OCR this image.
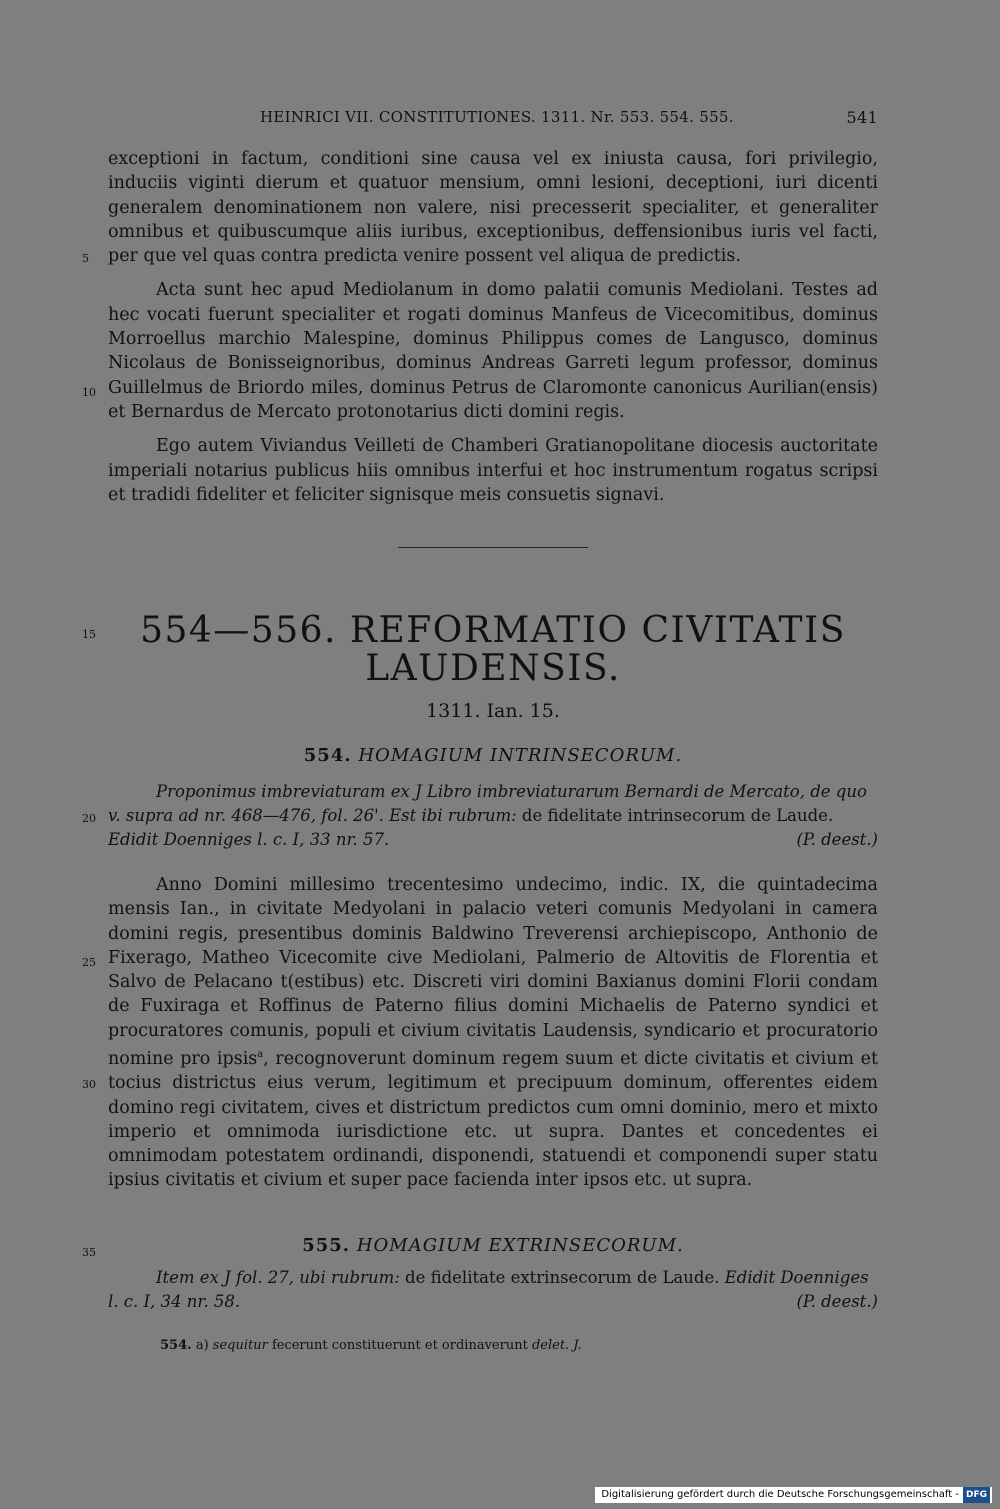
HEINRICI VII. CONSTITUTIONES. 1311. Nr. 553. 554. 555.	541

exceptioni in factum, conditioni sine causa vel ex iniusta causa, fori privilegio, induciis viginti dierum et quatuor mensium, omni lesioni, deceptioni, iuri dicenti generalem denominationem non valere, nisi precesserit specialiter, et generaliter omnibus et quibuscumque aliis iuribus, exceptionibus, deffensionibus iuris vel facti, per que vel quas contra predicta venire possent vel aliqua de predictis.

Acta sunt hec apud Mediolanum in domo palatii comunis Mediolani. Testes ad hec vocati fuerunt specialiter et rogati dominus Manfeus de Vicecomitibus, dominus Morroellus marchio Malespine, dominus Philippus comes de Langusco, dominus Nicolaus de Bonisseignoribus, dominus Andreas Garreti legum professor, dominus Guillelmus de Briordo miles, dominus Petrus de Claromonte canonicus Aurilian(ensis) et Bernardus de Mercato protonotarius dicti domini regis.

Ego autem Viviandus Veilleti de Chamberi Gratianopolitane diocesis auctoritate imperiali notarius publicus hiis omnibus interfui et hoc instrumentum rogatus scripsi et tradidi fideliter et feliciter signisque meis consuetis signavi.

5
10
15
20
25
30
35
554—556. REFORMATIO CIVITATIS
LAUDENSIS.
1311. Ian. 15.
554. HOMAGIUM INTRINSECORUM.
Proponimus imbreviaturam ex J Libro imbreviaturarum Bernardi de Mercato, de quo v. supra ad nr. 468—476, fol. 26'. Est ibi rubrum: de fidelitate intrinsecorum de Laude. Edidit Doenniges l. c. I, 33 nr. 57.	(P. deest.)

Anno Domini millesimo trecentesimo undecimo, indic. IX, die quintadecima mensis Ian., in civitate Medyolani in palacio veteri comunis Medyolani in camera domini regis, presentibus dominis Baldwino Treverensi archiepiscopo, Anthonio de Fixerago, Matheo Vicecomite cive Mediolani, Palmerio de Altovitis de Florentia et Salvo de Pelacano t(estibus) etc. Discreti viri domini Baxianus domini Florii condam de Fuxiraga et Roffinus de Paterno filius domini Michaelis de Paterno syndici et procuratores comunis, populi et civium civitatis Laudensis, syndicario et procuratorio nomine pro ipsis$^a$, recognoverunt dominum regem suum et dicte civitatis et civium et tocius districtus eius verum, legitimum et precipuum dominum, offerentes eidem domino regi civitatem, cives et districtum predictos cum omni dominio, mero et mixto imperio et omnimoda iurisdictione etc. ut supra. Dantes et concedentes ei omnimodam potestatem ordinandi, disponendi, statuendi et componendi super statu ipsius civitatis et civium et super pace facienda inter ipsos etc. ut supra.

555. HOMAGIUM EXTRINSECORUM.
Item ex J fol. 27, ubi rubrum: de fidelitate extrinsecorum de Laude. Edidit Doenniges l. c. I, 34 nr. 58.	(P. deest.)
554. a) sequitur fecerunt constituerunt et ordinaverunt delet. J.
Digitalisierung gefördert durch die Deutsche Forschungsgemeinschaft - DFG
